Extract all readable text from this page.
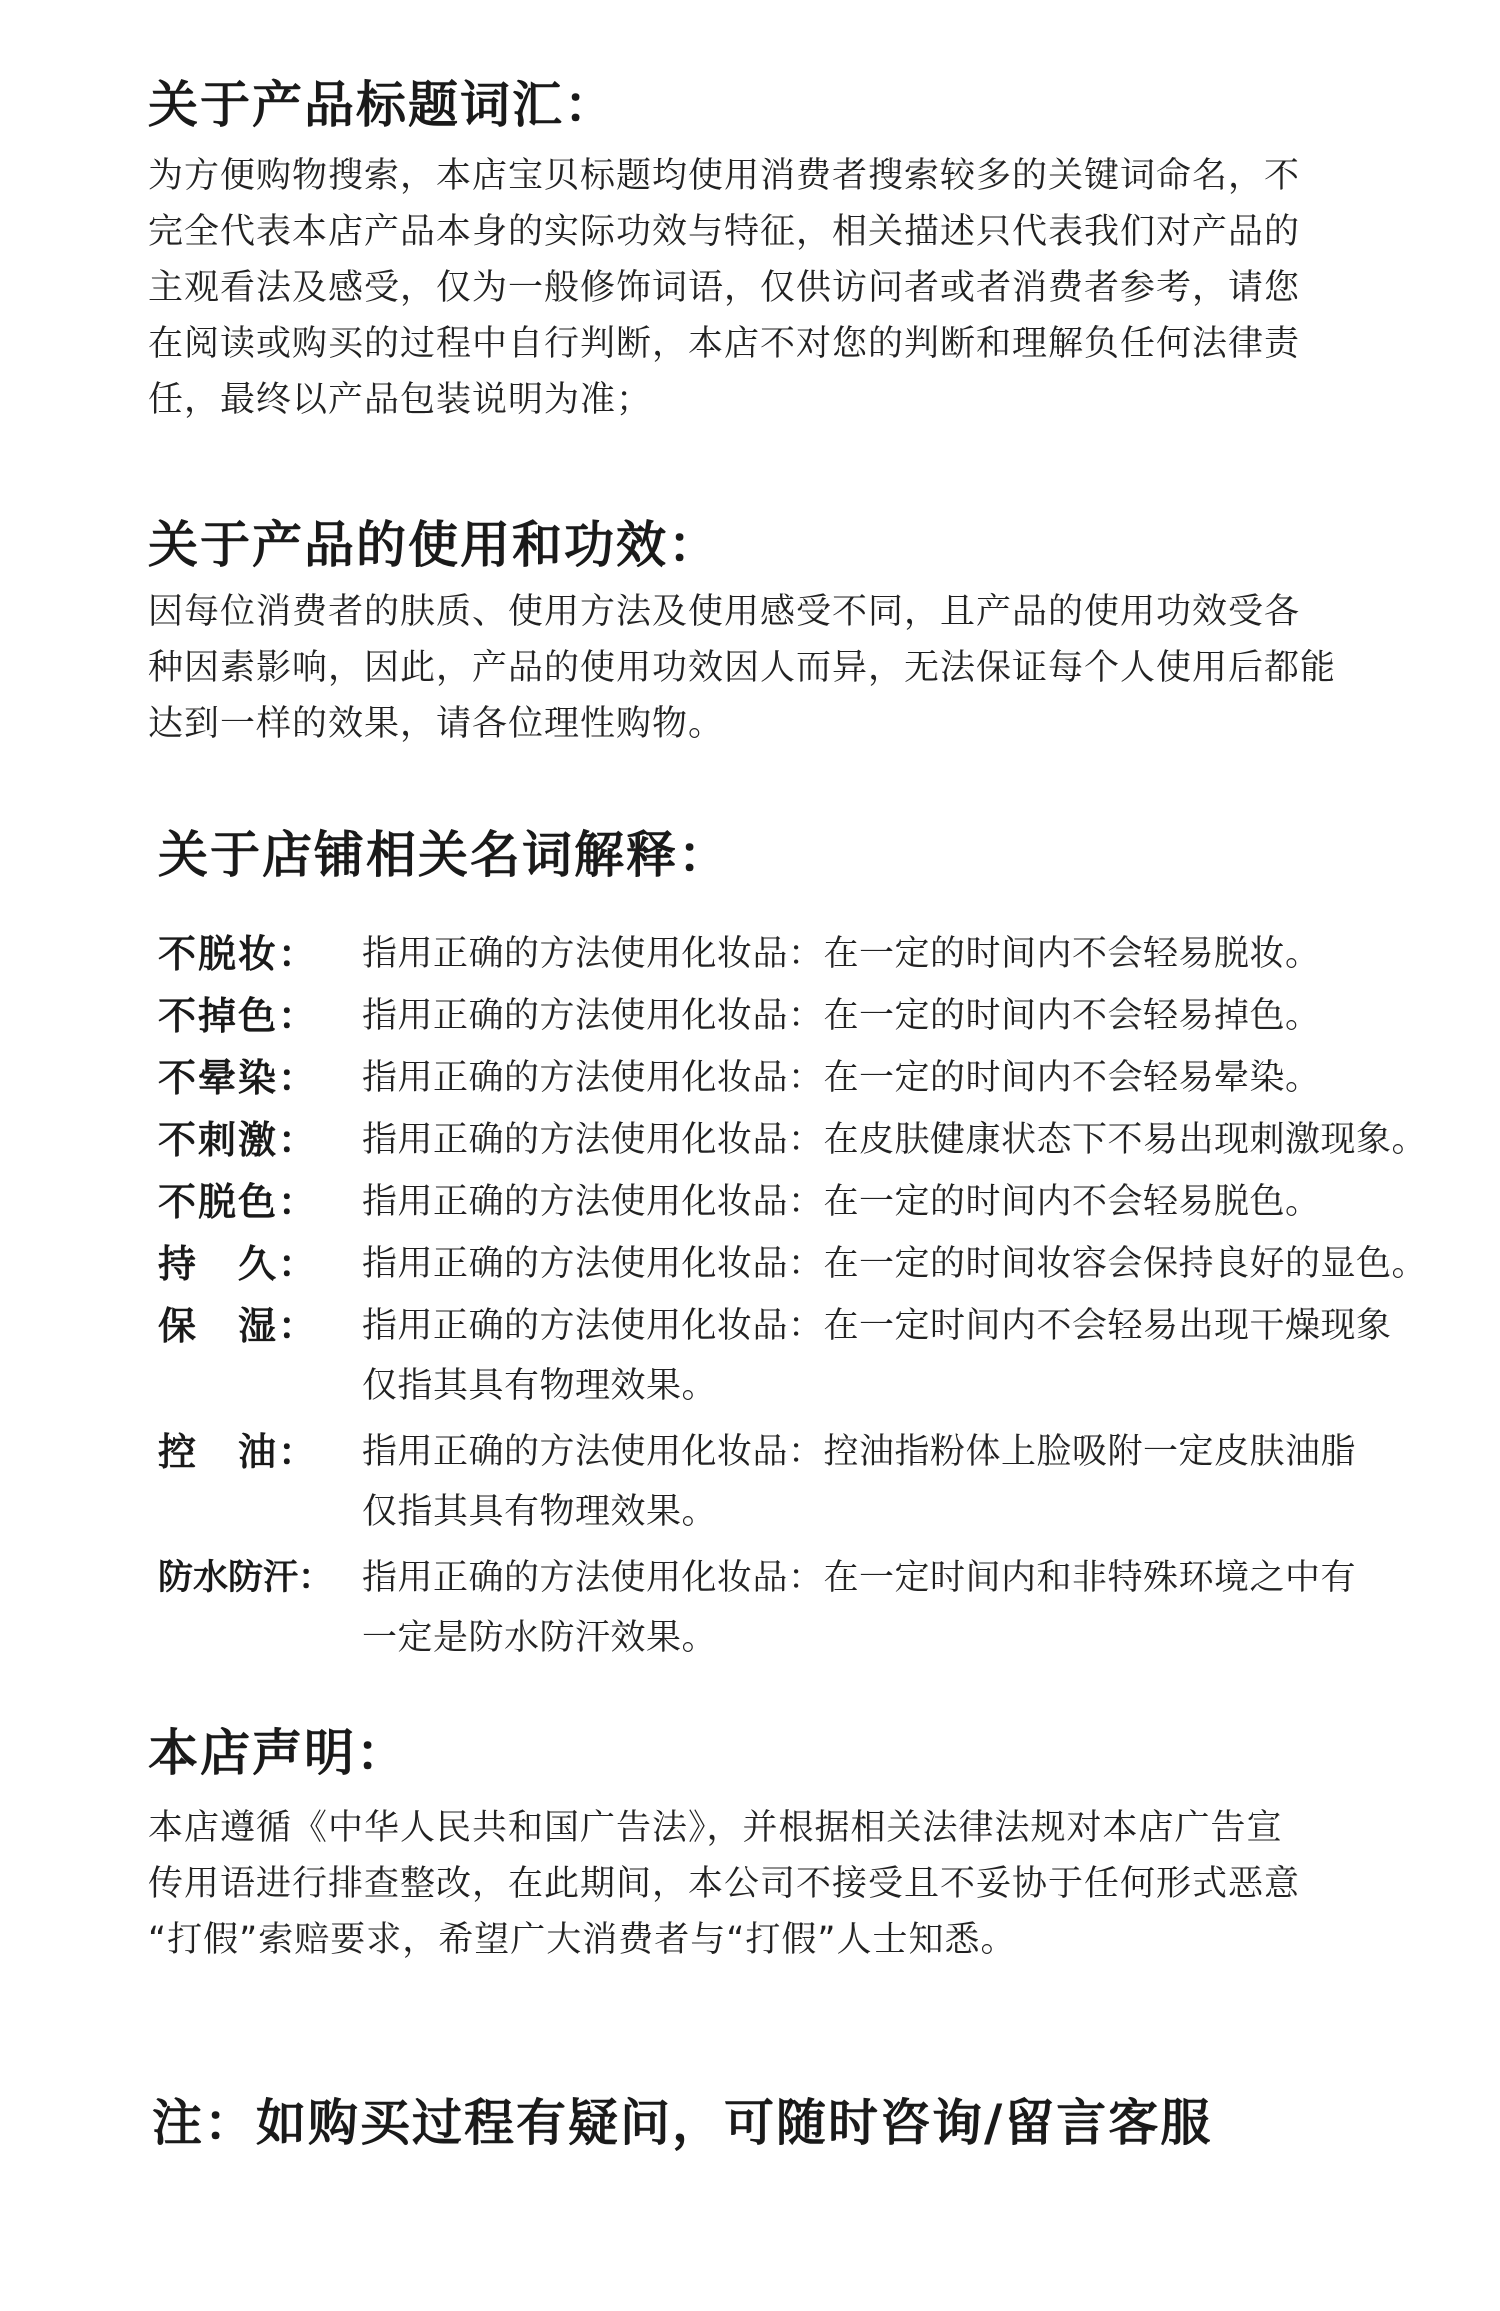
关于产品标题词汇：

为方便购物搜索，本店宝贝标题均使用消费者搜索较多的关键词命名，不

完全代表本店产品本身的实际功效与特征，相关描述只代表我们对产品的

主观看法及感受，仅为一般修饰词语，仅供访问者或者消费者参考，请您

在阅读或购买的过程中自行判断，本店不对您的判断和理解负任何法律责

任，最终以产品包装说明为准；

关于产品的使用和功效：

因每位消费者的肤质、使用方法及使用感受不同，且产品的使用功效受各

种因素影响，因此，产品的使用功效因人而异，无法保证每个人使用后都能

达到一样的效果，请各位理性购物。

关于店铺相关名词解释：
不脱妆：	指用正确的方法使用化妆品：在一定的时间内不会轻易脱妆。
不掉色：	指用正确的方法使用化妆品：在一定的时间内不会轻易掉色。
不晕染：	指用正确的方法使用化妆品：在一定的时间内不会轻易晕染。
不刺激：	指用正确的方法使用化妆品：在皮肤健康状态下不易出现刺激现象。
不脱色：	指用正确的方法使用化妆品：在一定的时间内不会轻易脱色。
持 久： 指用正确的方法使用化妆品：在一定的时间妆容会保持良好的显色。
保 湿： 指用正确的方法使用化妆品：在一定时间内不会轻易出现干燥现象
仅指其具有物理效果。
控 油： 指用正确的方法使用化妆品：控油指粉体上脸吸附一定皮肤油脂
仅指其具有物理效果。
防水防汗： 指用正确的方法使用化妆品：在一定时间内和非特殊环境之中有
一定是防水防汗效果。
本店声明：

本店遵循《中华人民共和国广告法》，并根据相关法律法规对本店广告宣

传用语进行排查整改，在此期间，本公司不接受且不妥协于任何形式恶意

“打假”索赔要求，希望广大消费者与“打假”人士知悉。

注：如购买过程有疑问，可随时咨询/留言客服
